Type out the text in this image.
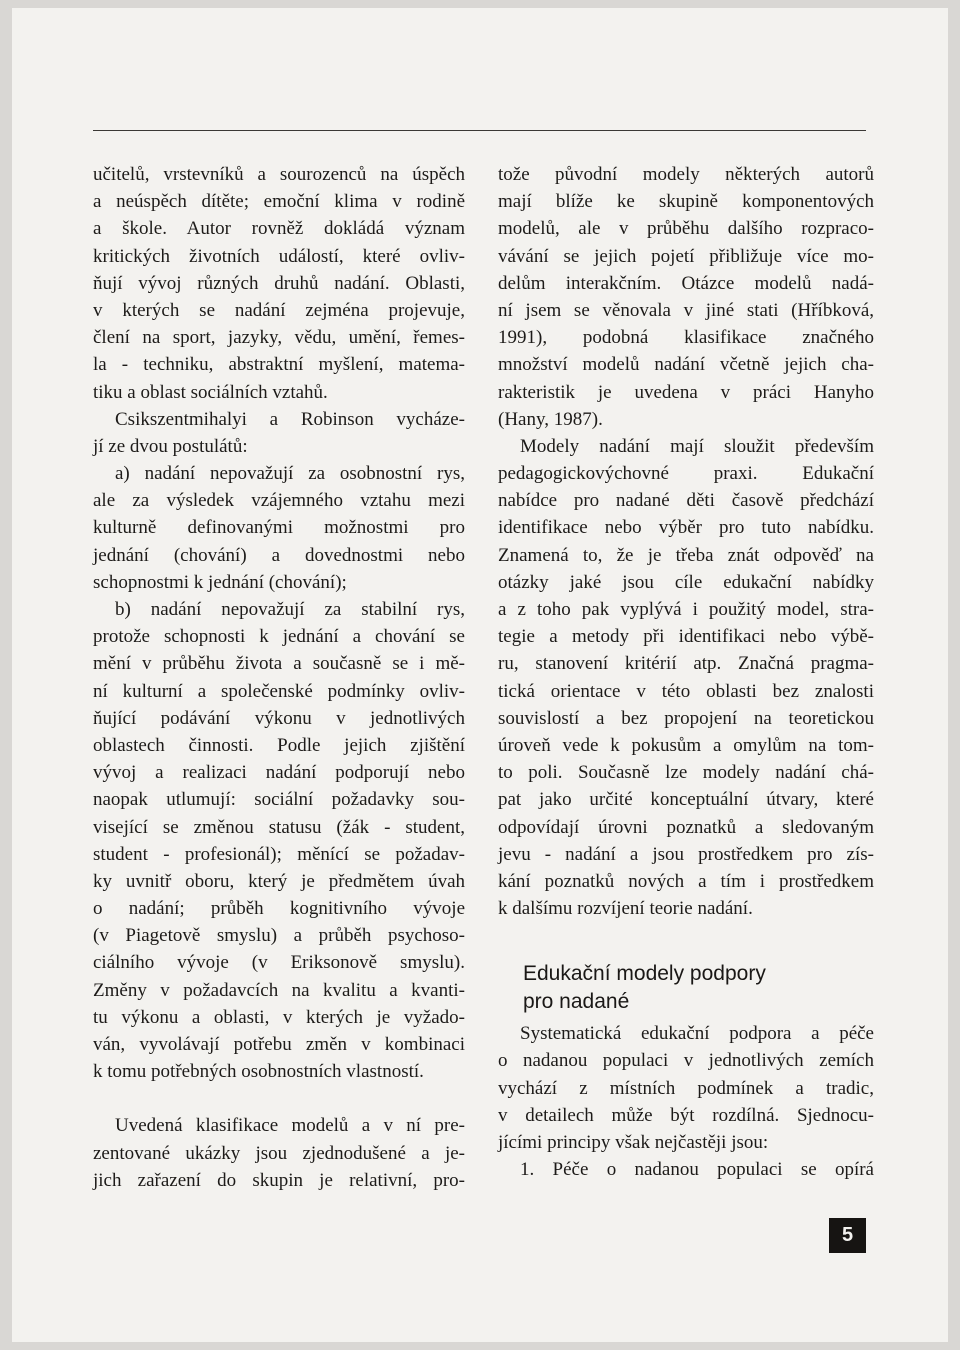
učitelů, vrstevníků a sourozenců na úspěch
a neúspěch dítěte; emoční klima v rodině
a škole. Autor rovněž dokládá význam
kritických životních událostí, které ovliv-
ňují vývoj různých druhů nadání. Oblasti,
v kterých se nadání zejména projevuje,
člení na sport, jazyky, vědu, umění, řemes-
la - techniku, abstraktní myšlení, matema-
tiku a oblast sociálních vztahů.
Csikszentmihalyi a Robinson vycháze-
jí ze dvou postulátů:
a) nadání nepovažují za osobnostní rys,
ale za výsledek vzájemného vztahu mezi
kulturně definovanými možnostmi pro
jednání (chování) a dovednostmi nebo
schopnostmi k jednání (chování);
b) nadání nepovažují za stabilní rys,
protože schopnosti k jednání a chování se
mění v průběhu života a současně se i mě-
ní kulturní a společenské podmínky ovliv-
ňující podávání výkonu v jednotlivých
oblastech činnosti. Podle jejich zjištění
vývoj a realizaci nadání podporují nebo
naopak utlumují: sociální požadavky sou-
visející se změnou statusu (žák - student,
student - profesionál); měnící se požadav-
ky uvnitř oboru, který je předmětem úvah
o nadání; průběh kognitivního vývoje
(v Piagetově smyslu) a průběh psychoso-
ciálního vývoje (v Eriksonově smyslu).
Změny v požadavcích na kvalitu a kvanti-
tu výkonu a oblasti, v kterých je vyžado-
ván, vyvolávají potřebu změn v kombinaci
k tomu potřebných osobnostních vlastností.
Uvedená klasifikace modelů a v ní pre-
zentované ukázky jsou zjednodušené a je-
jich zařazení do skupin je relativní, pro-
tože původní modely některých autorů
mají blíže ke skupině komponentových
modelů, ale v průběhu dalšího rozpraco-
vávání se jejich pojetí přibližuje více mo-
delům interakčním. Otázce modelů nadá-
ní jsem se věnovala v jiné stati (Hříbková,
1991), podobná klasifikace značného
množství modelů nadání včetně jejich cha-
rakteristik je uvedena v práci Hanyho
(Hany, 1987).
Modely nadání mají sloužit především
pedagogickovýchovné praxi. Edukační
nabídce pro nadané děti časově předchází
identifikace nebo výběr pro tuto nabídku.
Znamená to, že je třeba znát odpověď na
otázky jaké jsou cíle edukační nabídky
a z toho pak vyplývá i použitý model, stra-
tegie a metody při identifikaci nebo výbě-
ru, stanovení kritérií atp. Značná pragma-
tická orientace v této oblasti bez znalosti
souvislostí a bez propojení na teoretickou
úroveň vede k pokusům a omylům na tom-
to poli. Současně lze modely nadání chá-
pat jako určité konceptuální útvary, které
odpovídají úrovni poznatků a sledovaným
jevu - nadání a jsou prostředkem pro zís-
kání poznatků nových a tím i prostředkem
k dalšímu rozvíjení teorie nadání.
Edukační modely podpory
pro nadané
Systematická edukační podpora a péče
o nadanou populaci v jednotlivých zemích
vychází z místních podmínek a tradic,
v detailech může být rozdílná. Sjednocu-
jícími principy však nejčastěji jsou:
1. Péče o nadanou populaci se opírá
5
